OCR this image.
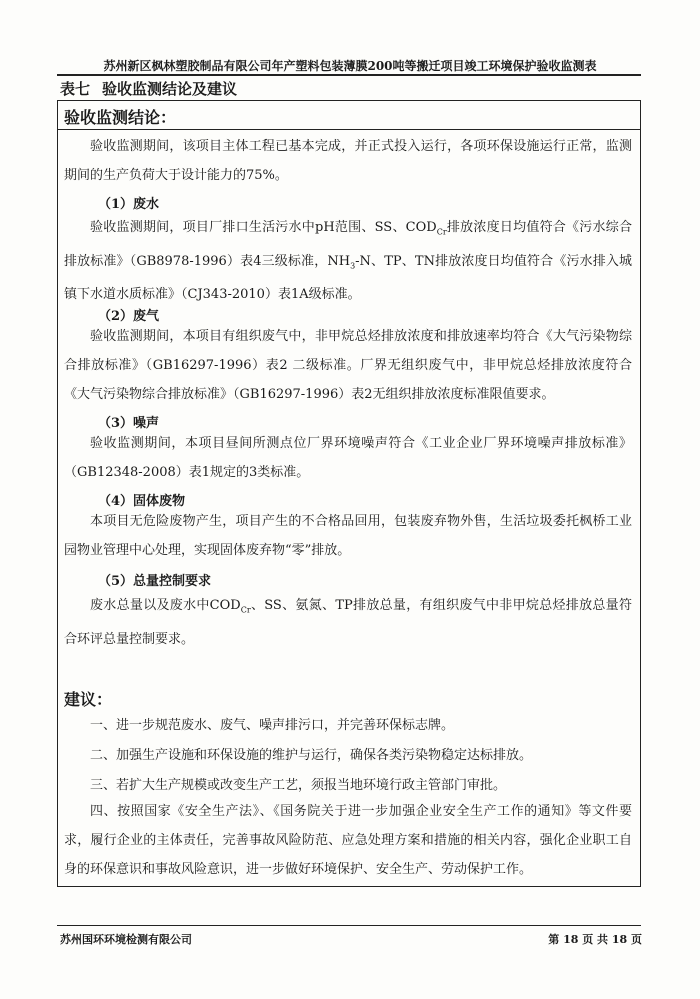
苏州新区枫林塑胶制品有限公司年产塑料包装薄膜200吨等搬迁项目竣工环境保护验收监测表
表七 验收监测结论及建议
验收监测结论：
验收监测期间，该项目主体工程已基本完成，并正式投入运行，各项环保设施运行正常，监测期间的生产负荷大于设计能力的75%。
（1）废水
验收监测期间，项目厂排口生活污水中pH范围、SS、$COD_{Cr}$排放浓度日均值符合《污水综合排放标准》（GB8978-1996）表4三级标准，$NH_3-N$、TP、TN排放浓度日均值符合《污水排入城镇下水道水质标准》（CJ343-2010）表1A级标准。
（2）废气
验收监测期间，本项目有组织废气中，非甲烷总烃排放浓度和排放速率均符合《大气污染物综合排放标准》（GB16297-1996）表2 二级标准。厂界无组织废气中，非甲烷总烃排放浓度符合《大气污染物综合排放标准》（GB16297-1996）表2无组织排放浓度标准限值要求。
（3）噪声
验收监测期间，本项目昼间所测点位厂界环境噪声符合《工业企业厂界环境噪声排放标准》（GB12348-2008）表1规定的3类标准。
（4）固体废物
本项目无危险废物产生，项目产生的不合格品回用，包装废弃物外售，生活垃圾委托枫桥工业园物业管理中心处理，实现固体废弃物“零”排放。
（5）总量控制要求
废水总量以及废水中$COD_{Cr}$、SS、氨氮、TP排放总量，有组织废气中非甲烷总烃排放总量符合环评总量控制要求。
建议：
一、进一步规范废水、废气、噪声排污口，并完善环保标志牌。
二、加强生产设施和环保设施的维护与运行，确保各类污染物稳定达标排放。
三、若扩大生产规模或改变生产工艺，须报当地环境行政主管部门审批。
四、按照国家《安全生产法》、《国务院关于进一步加强企业安全生产工作的通知》等文件要求，履行企业的主体责任，完善事故风险防范、应急处理方案和措施的相关内容，强化企业职工自身的环保意识和事故风险意识，进一步做好环境保护、安全生产、劳动保护工作。
苏州国环环境检测有限公司	第 18 页 共 18 页
